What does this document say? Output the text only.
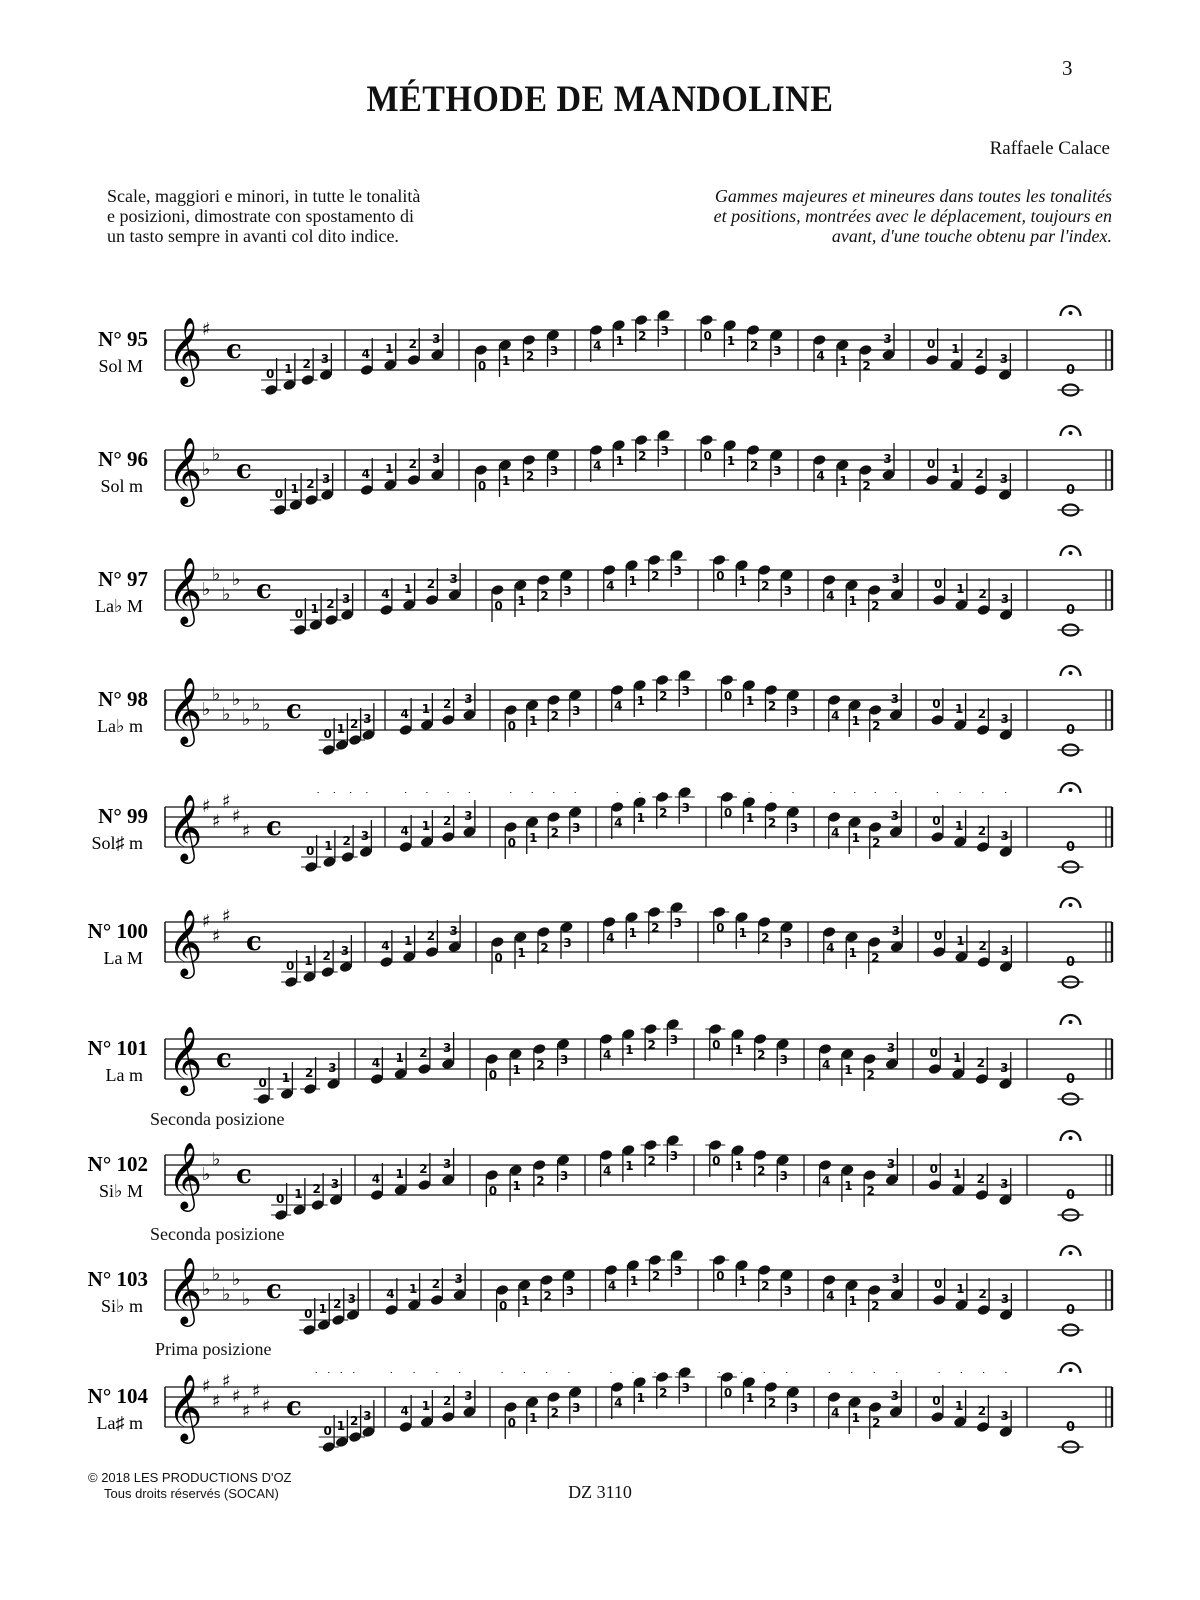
3
MÉTHODE DE MANDOLINE
Raffaele Calace
Scale, maggiori e minori, in tutte le tonalità e posizioni, dimostrate con spostamento di un tasto sempre in avanti col dito indice.
Gammes majeures et mineures dans toutes les tonalités et positions, montrées avec le déplacement, toujours en avant, d'une touche obtenu par l'index.
Seconda posizione
Seconda posizione
Prima posizione
N° 95
Sol M 𝄞 ♯
c
0 1 2 3	4 1 2 3
0 1 2 3	4 1 2 3	0 1 2 3	4 1 2
3	0 1 2 3
0
N° 96
Sol m 𝄞 ♭
♭
c
0 1 2 3	4 1 2 3
0 1 2 3	4 1 2 3	0 1 2 3	4 1 2
3	0 1 2 3
0
N° 97
La♭ M 𝄞 ♭
♭
♭
♭ c
0 1 2 3	4 1 2 3
0 1 2 3	4 1 2 3	0 1 2 3	4 1 2
3	0 1 2 3
0
N° 98
La♭ m 𝄞 ♭
♭
♭
♭
♭
♭
♭ c
0 1 2 3 4 1 2 3
0 1 2 3	4 1 2 3	0 1 2 3	4 1 2
3	0 1 2 3
0
N° 99
Sol♯ m 𝄞 ♯
♯
♯
♯
♯ c
0 1 2 3	4 1 2 3
0 1 2 3	4 1 2 3	0 1 2 3	4 1 2
3	0 1 2 3
0
N° 100
La M 𝄞 ♯
♯
♯
c
0 1 2 3	4 1 2 3
0 1 2 3	4 1 2 3	0 1 2 3	4 1 2
3	0 1 2 3
0
N° 101
La m 𝄞 c
0 1 2 3	4 1 2 3
0 1 2 3	4 1 2 3	0 1 2 3	4 1 2
3	0 1 2 3
0
N° 102
Si♭ M 𝄞 ♭
♭
c
0 1 2 3	4 1 2 3
0 1 2 3	4 1 2 3	0 1 2 3	4 1 2
3	0 1 2 3
0
N° 103
Si♭ m 𝄞 ♭
♭
♭
♭
♭ c
0 1 2 3	4 1 2 3
0 1 2 3	4 1 2 3	0 1 2 3	4 1 2
3	0 1 2 3
0
N° 104
La♯ m 𝄞 ♯
♯
♯
♯
♯
♯
♯ c
0 1 2 3 4 1 2 3
0 1 2 3	4 1 2 3	0 1 2 3	4 1 2
3	0 1 2 3
0
© 2018 LES PRODUCTIONS D'OZ
Tous droits réservés (SOCAN)	DZ 3110
